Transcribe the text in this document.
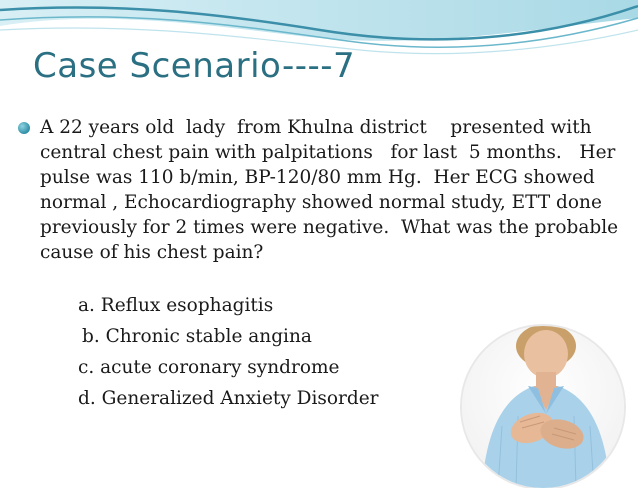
Case Scenario----7
A 22 years old  lady  from Khulna district    presented with central chest pain with palpitations   for last  5 months.   Her   pulse was 110 b/min, BP-120/80 mm Hg.  Her ECG showed normal , Echocardiography showed normal study, ETT done previously for 2 times were negative.  What was the probable cause of his chest pain?
a. Reflux esophagitis
b. Chronic stable angina
c. acute coronary syndrome
d. Generalized Anxiety Disorder
